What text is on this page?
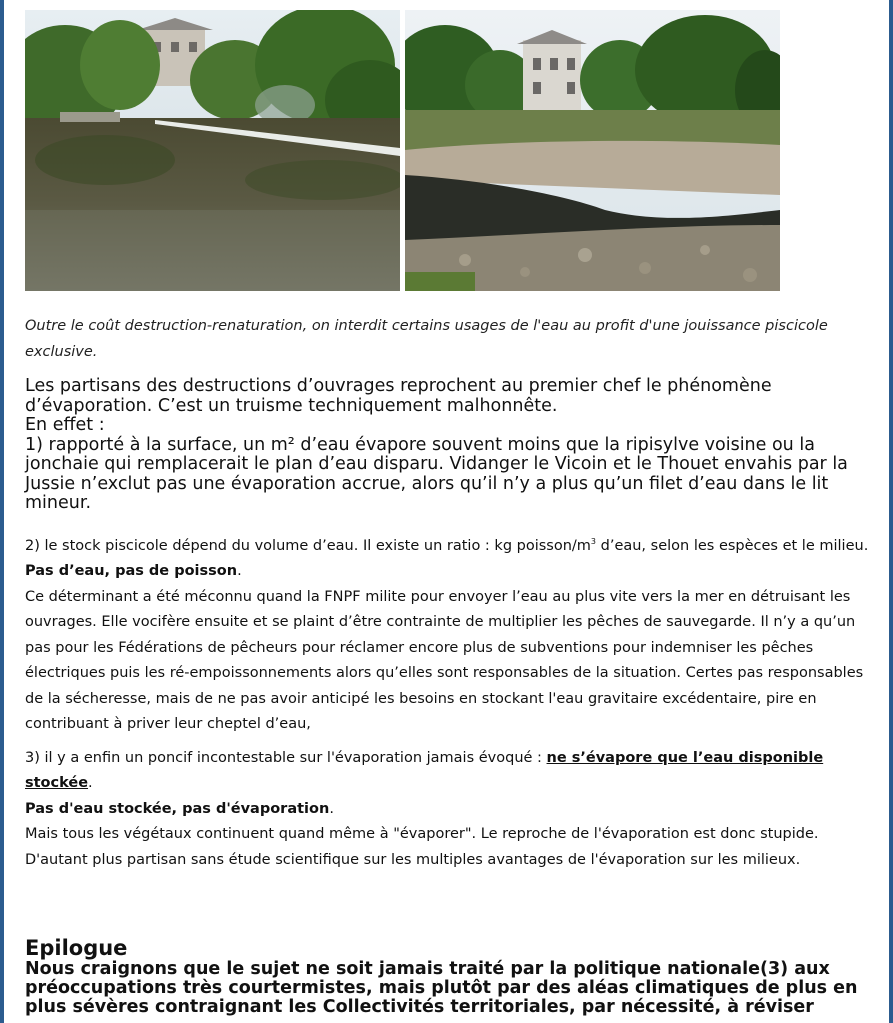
Outre le coût destruction-renaturation, on interdit certains usages de l'eau au profit d'une jouissance piscicole exclusive.

Les partisans des destructions d’ouvrages reprochent au premier chef le phénomène d’évaporation. C’est un truisme techniquement malhonnête.

En effet :

1) rapporté à la surface, un m² d’eau évapore souvent moins que la ripisylve voisine ou la jonchaie qui remplacerait le plan d’eau disparu. Vidanger le Vicoin et le Thouet envahis par la Jussie n’exclut pas une évaporation accrue, alors qu’il n’y a plus qu’un filet d’eau dans le lit mineur.

2) le stock piscicole dépend du volume d’eau. Il existe un ratio : kg poisson/$m^3$ d’eau, selon les espèces et le milieu.

Pas d’eau, pas de poisson.

Ce déterminant a été méconnu quand la FNPF milite pour envoyer l’eau au plus vite vers la mer en détruisant les ouvrages. Elle vocifère ensuite et se plaint d’être contrainte de multiplier les pêches de sauvegarde. Il n’y a qu’un pas pour les Fédérations de pêcheurs pour réclamer encore plus de subventions pour indemniser les pêches électriques puis les ré-empoissonnements alors qu’elles sont responsables de la situation. Certes pas responsables de la sécheresse, mais de ne pas avoir anticipé les besoins en stockant l'eau gravitaire excédentaire, pire en contribuant à priver leur cheptel d’eau,

3) il y a enfin un poncif incontestable sur l'évaporation jamais évoqué : ne s’évapore que l’eau disponible stockée.

Pas d'eau stockée, pas d'évaporation.

Mais tous les végétaux continuent quand même à "évaporer". Le reproche de l'évaporation est donc stupide. D'autant plus partisan sans étude scientifique sur les multiples avantages de l'évaporation sur les milieux.

Epilogue

Nous craignons que le sujet ne soit jamais traité par la politique nationale(3) aux préoccupations très courtermistes, mais plutôt par des aléas climatiques de plus en plus sévères contraignant les Collectivités territoriales, par nécessité, à réviser
